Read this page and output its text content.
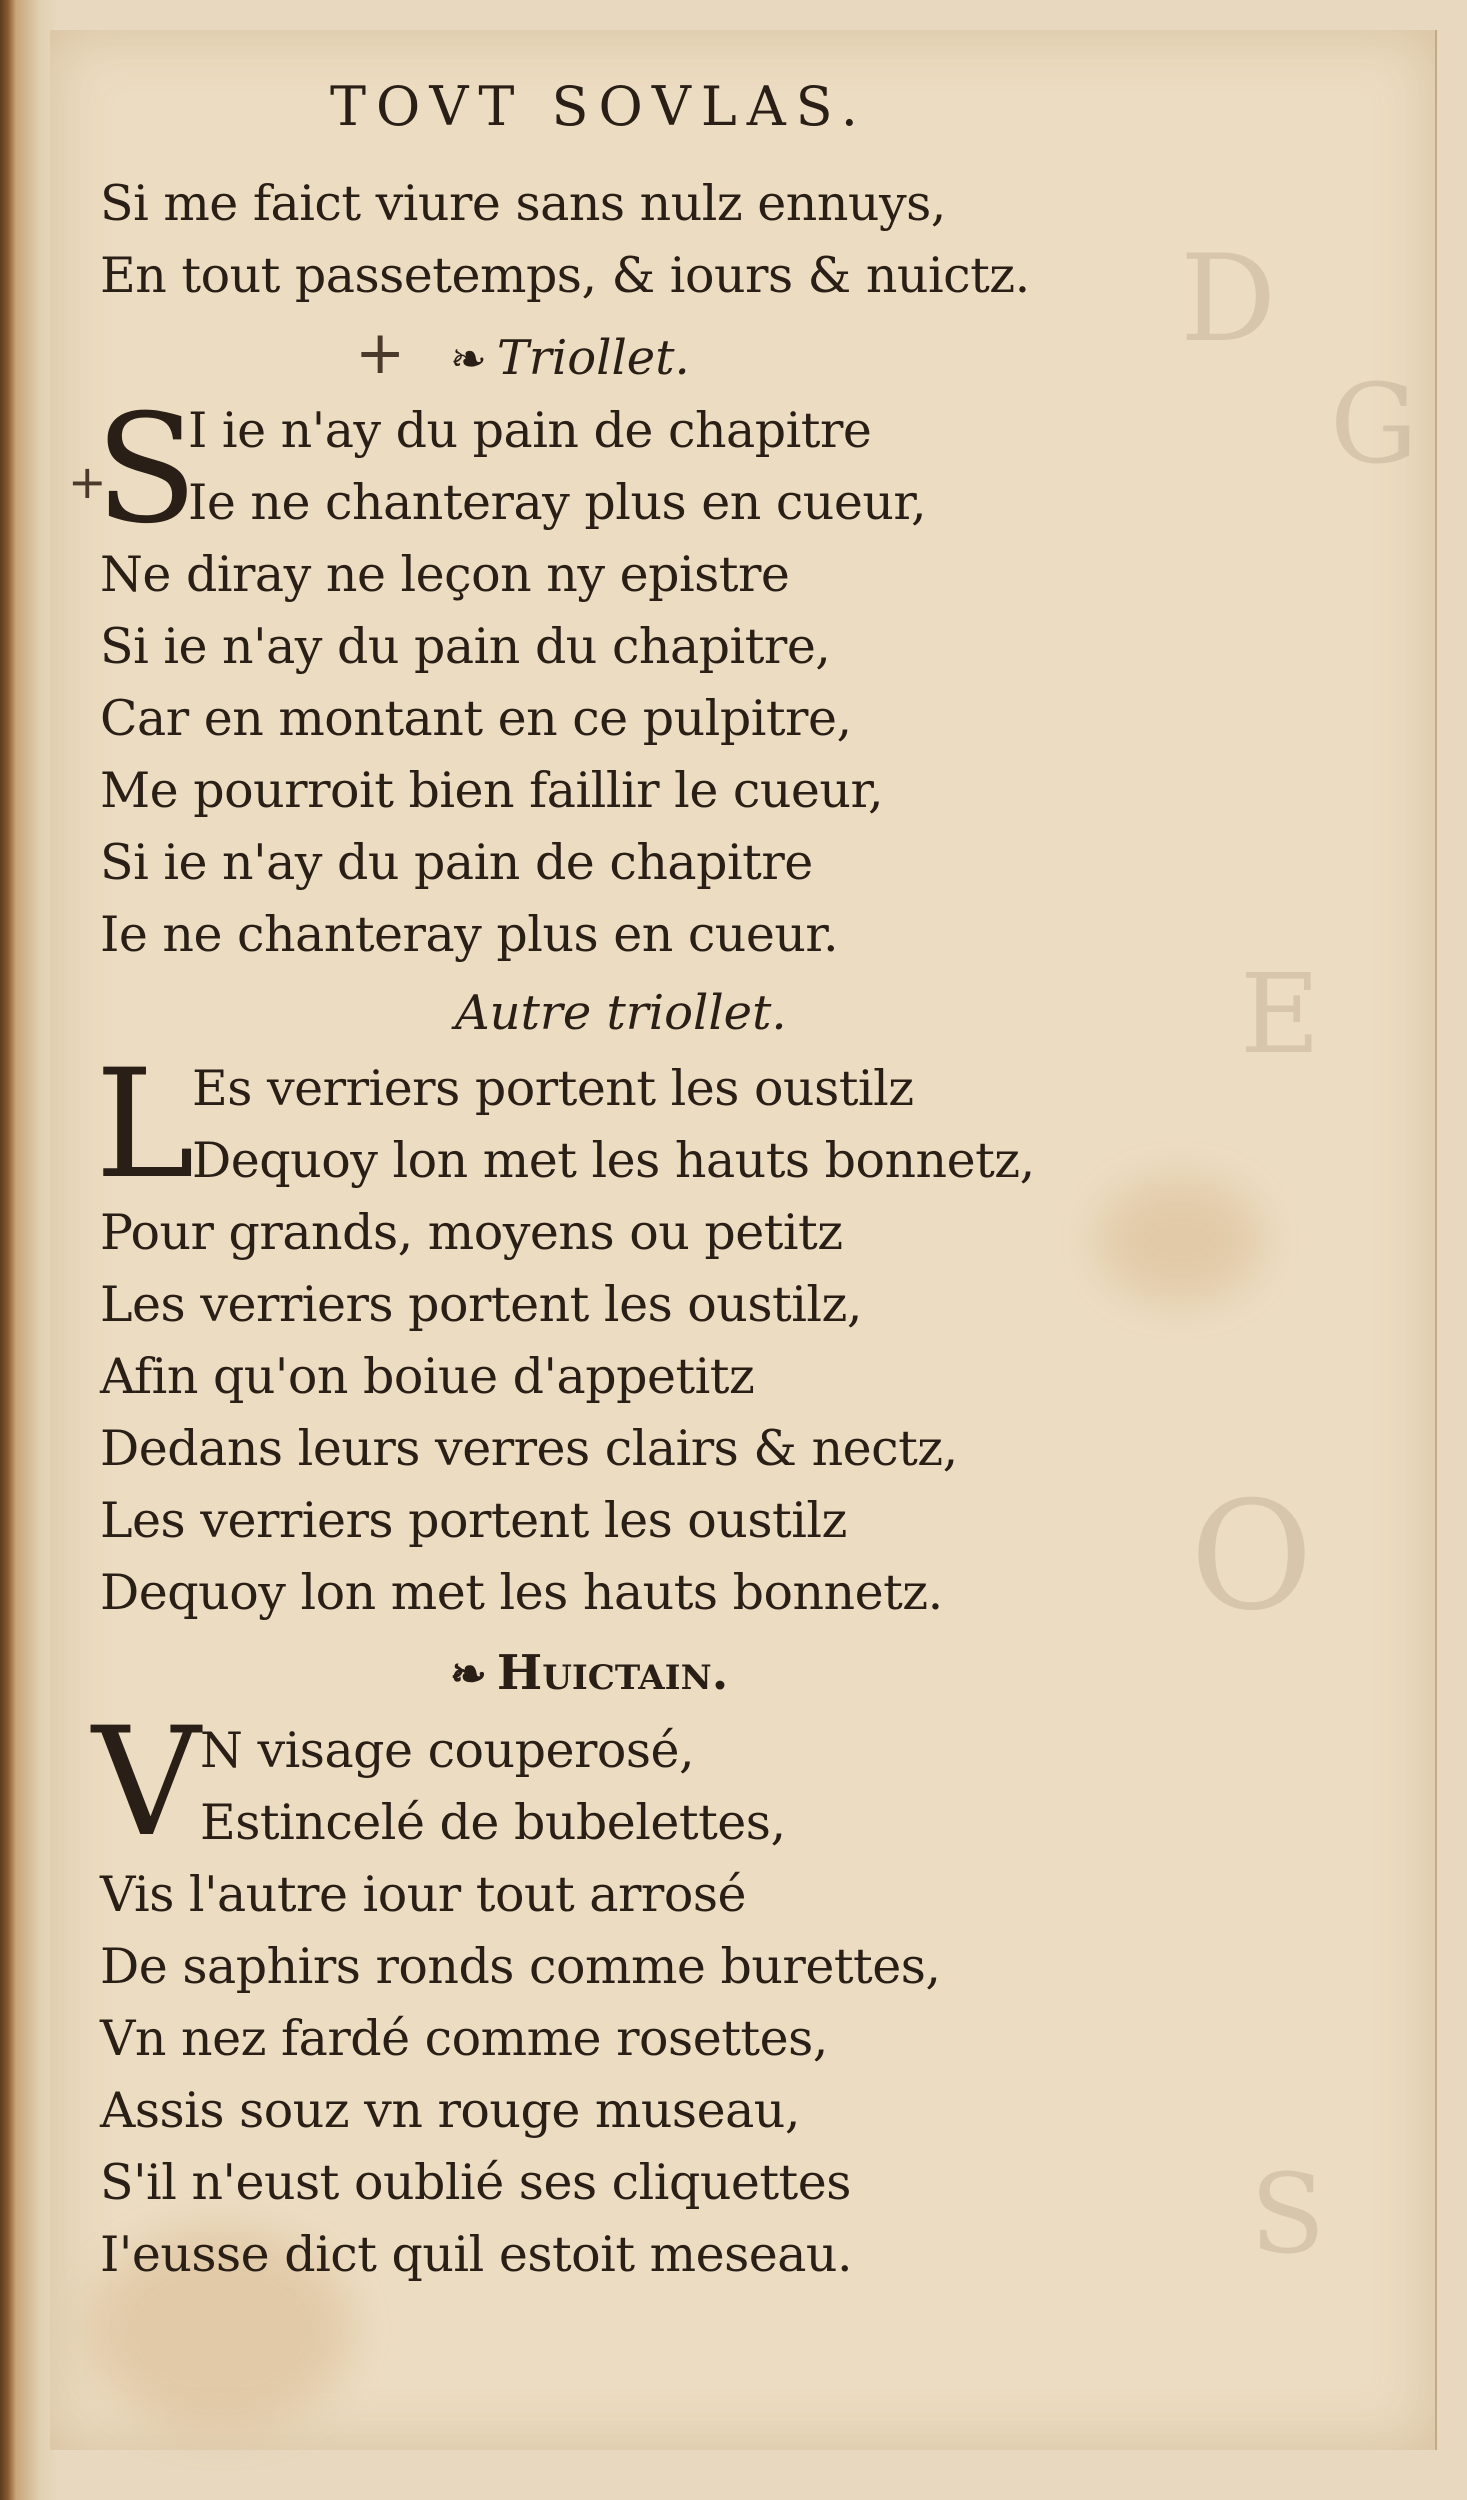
D
G
E
O
S
TOVT SOVLAS.
Si me faict viure sans nulz ennuys,
En tout passetemps, & iours & nuictz.
+ ❧ Triollet.
S
+
I ie n'ay du pain de chapitre
Ie ne chanteray plus en cueur,
Ne diray ne leçon ny epistre
Si ie n'ay du pain du chapitre,
Car en montant en ce pulpitre,
Me pourroit bien faillir le cueur,
Si ie n'ay du pain de chapitre
Ie ne chanteray plus en cueur.
Autre triollet.
L
Es verriers portent les oustilz
Dequoy lon met les hauts bonnetz,
Pour grands, moyens ou petitz
Les verriers portent les oustilz,
Afin qu'on boiue d'appetitz
Dedans leurs verres clairs & nectz,
Les verriers portent les oustilz
Dequoy lon met les hauts bonnetz.
❧ Huictain.
V N visage couperosé,
Estincelé de bubelettes,
Vis l'autre iour tout arrosé
De saphirs ronds comme burettes,
Vn nez fardé comme rosettes,
Assis souz vn rouge museau,
S'il n'eust oublié ses cliquettes
I'eusse dict quil estoit meseau.
